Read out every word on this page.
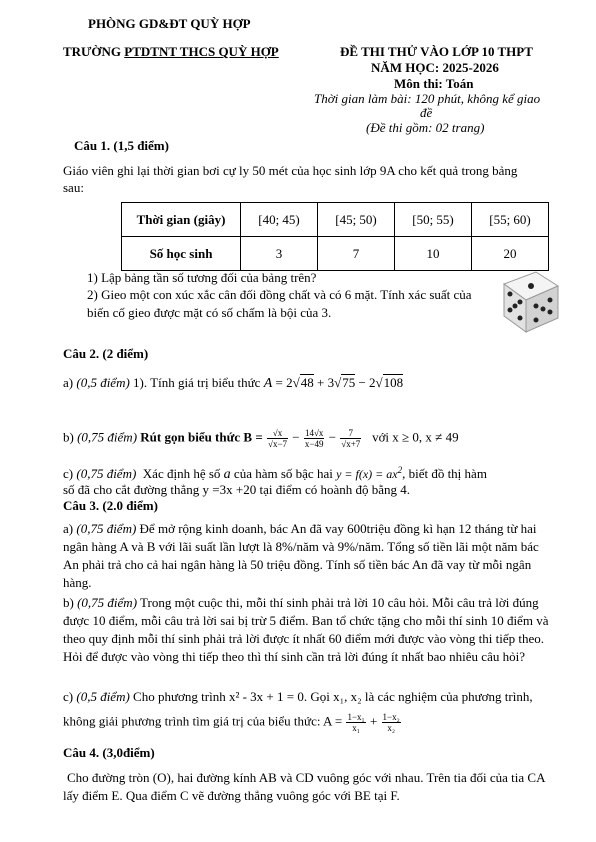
PHÒNG GD&ĐT QUỲ HỢP
TRƯỜNG PTDTNT THCS QUỲ HỢP	ĐỀ THI THỬ VÀO LỚP 10 THPT
NĂM HỌC: 2025-2026
Môn thi: Toán
Thời gian làm bài: 120 phút, không kể giao
đề
(Đề thi gồm: 02 trang)
Câu 1. (1,5 điểm)
Giáo viên ghi lại thời gian bơi cự ly 50 mét của học sinh lớp 9A cho kết quả trong bảng
sau:
Thời gian (giây)	[40; 45)	[45; 50)	[50; 55)	[55; 60)
Số học sinh	3	7	10	20
1) Lập bảng tần số tương đối của bảng trên?
2) Gieo một con xúc xắc cân đối đồng chất và có 6 mặt. Tính xác suất của
biến cố gieo được mặt có số chấm là bội của 3.
Câu 2. (2 điểm)
a) (0,5 điểm) 1). Tính giá trị biểu thức A = 2√48 + 3√75 − 2√108
b) (0,75 điểm) Rút gọn biểu thức $B = \frac{√x}{√x-7} - \frac{14√x}{x-49} - \frac{7}{√x+7}$ với x ≥ 0, x ≠ 49
c) (0,75 điểm) Xác định hệ số a của hàm số bậc hai $y = f(x) = ax^2$, biết đồ thị hàm
số đã cho cắt đường thẳng y =3x +20 tại điểm có hoành độ bằng 4.
Câu 3. (2.0 điểm)
a) (0,75 điểm) Để mở rộng kinh doanh, bác An đã vay 600triệu đồng kì hạn 12 tháng từ hai ngân hàng A và B với lãi suất lần lượt là 8%/năm và 9%/năm. Tổng số tiền lãi một năm bác An phải trả cho cả hai ngân hàng là 50 triệu đồng. Tính số tiền bác An đã vay từ mỗi ngân hàng.
b) (0,75 điểm) Trong một cuộc thi, mỗi thí sinh phải trả lời 10 câu hỏi. Mỗi câu trả lời đúng được 10 điểm, mỗi câu trả lời sai bị trừ 5 điểm. Ban tổ chức tặng cho mỗi thí sinh 10 điểm và theo quy định mỗi thí sinh phải trả lời được ít nhất 60 điểm mới được vào vòng thi tiếp theo. Hỏi để được vào vòng thi tiếp theo thì thí sinh cần trả lời đúng ít nhất bao nhiêu câu hỏi?
c) (0,5 điểm) Cho phương trình x² - 3x + 1 = 0. Gọi x₁, x₂ là các nghiệm của phương trình,
không giải phương trình tìm giá trị của biểu thức: $A = \frac{\text{1−x₁}}{\text{x₁}} + \frac{\text{1−x₂}}{\text{x₂}}$
Câu 4. (3,0điểm)
Cho đường tròn (O), hai đường kính AB và CD vuông góc với nhau. Trên tia đối của tia CA lấy điểm E. Qua điểm C vẽ đường thẳng vuông góc với BE tại F.
